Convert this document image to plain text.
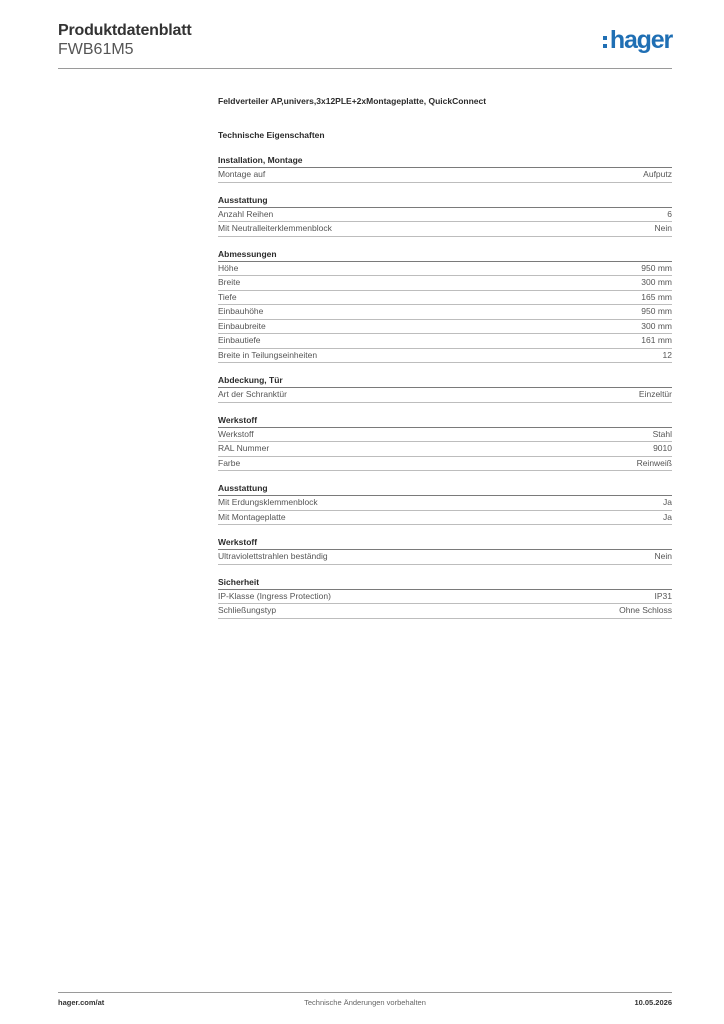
Produktdatenblatt
FWB61M5	hager
Feldverteiler AP,univers,3x12PLE+2xMontageplatte, QuickConnect
Technische Eigenschaften
Installation, Montage
Montage auf	Aufputz
Ausstattung
Anzahl Reihen	6
Mit Neutralleiterklemmenblock	Nein
Abmessungen
Höhe	950 mm
Breite	300 mm
Tiefe	165 mm
Einbauhöhe	950 mm
Einbaubreite	300 mm
Einbautiefe	161 mm
Breite in Teilungseinheiten	12
Abdeckung, Tür
Art der Schranktür	Einzeltür
Werkstoff
Werkstoff	Stahl
RAL Nummer	9010
Farbe	Reinweiß
Ausstattung
Mit Erdungsklemmenblock	Ja
Mit Montageplatte	Ja
Werkstoff
Ultraviolettstrahlen beständig	Nein
Sicherheit
IP-Klasse (Ingress Protection)	IP31
Schließungstyp	Ohne Schloss
hager.com/at	Technische Änderungen vorbehalten	10.05.2026
